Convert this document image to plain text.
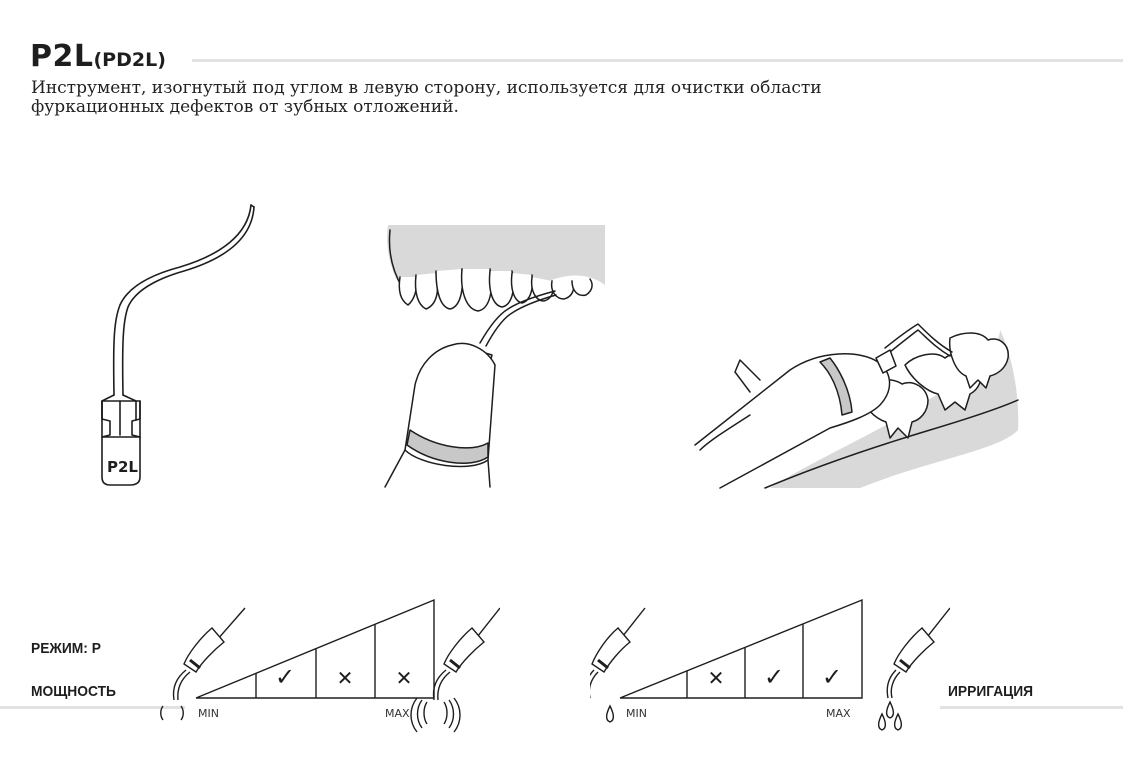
P2L(PD2L)

Инструмент, изогнутый под углом в левую сторону, используется для очистки области
фуркационных дефектов от зубных отложений.

P2L
РЕЖИМ: P
МОЩНОСТЬ	ИРРИГАЦИЯ
✓ ✕ ✕
MIN	MAX
✕ ✓ ✓
MIN	MAX
